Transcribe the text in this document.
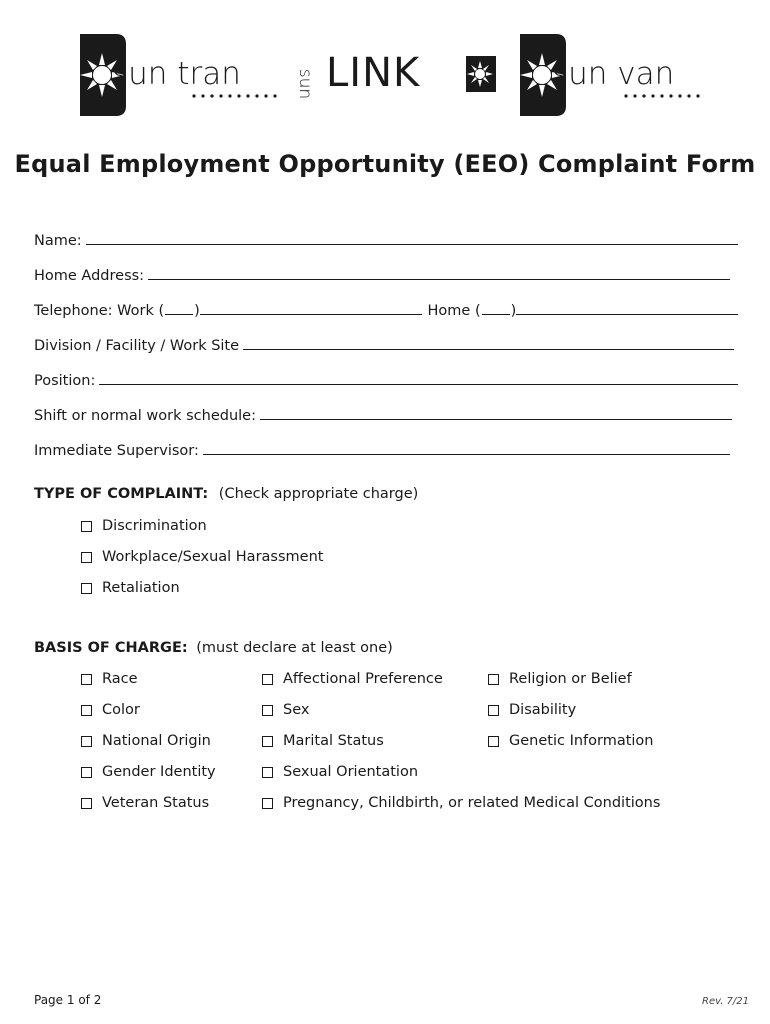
sun tran	sun LINK	sun van
Equal Employment Opportunity (EEO) Complaint Form
Name:
Home Address:
Telephone: Work ( )	Home ( )
Division / Facility / Work Site
Position:
Shift or normal work schedule:
Immediate Supervisor:
TYPE OF COMPLAINT: (Check appropriate charge)
Discrimination
Workplace/Sexual Harassment
Retaliation
BASIS OF CHARGE: (must declare at least one)
Race
Color
National Origin
Gender Identity
Veteran Status
Affectional Preference
Sex
Marital Status
Sexual Orientation
Pregnancy, Childbirth, or related Medical Conditions
Religion or Belief
Disability
Genetic Information
Page 1 of 2	Rev. 7/21
